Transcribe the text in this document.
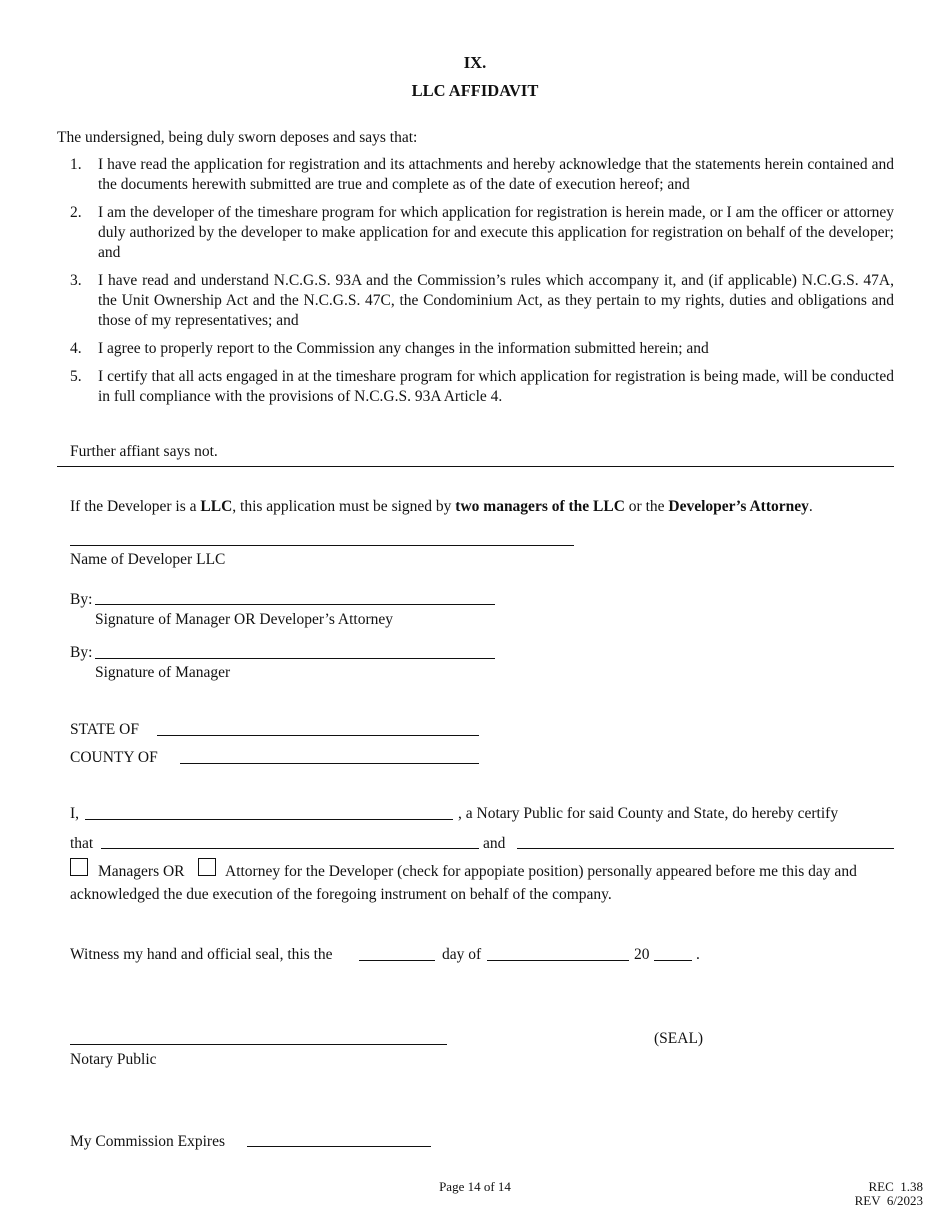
IX.
LLC AFFIDAVIT
The undersigned, being duly sworn deposes and says that:
1. I have read the application for registration and its attachments and hereby acknowledge that the statements herein contained and the documents herewith submitted are true and complete as of the date of execution hereof; and
2. I am the developer of the timeshare program for which application for registration is herein made, or I am the officer or attorney duly authorized by the developer to make application for and execute this application for registration on behalf of the developer; and
3. I have read and understand N.C.G.S. 93A and the Commission’s rules which accompany it, and (if applicable) N.C.G.S. 47A, the Unit Ownership Act and the N.C.G.S. 47C, the Condominium Act, as they pertain to my rights, duties and obligations and those of my representatives; and
4. I agree to properly report to the Commission any changes in the information submitted herein; and
5. I certify that all acts engaged in at the timeshare program for which application for registration is being made, will be conducted in full compliance with the provisions of N.C.G.S. 93A Article 4.
Further affiant says not.
If the Developer is a LLC, this application must be signed by two managers of the LLC or the Developer’s Attorney.
Name of Developer LLC
By:
Signature of Manager OR Developer’s Attorney
By:
Signature of Manager
STATE OF
COUNTY OF
I,	, a Notary Public for said County and State, do hereby certify
that	and
Managers OR	Attorney for the Developer (check for appopiate position) personally appeared before me this day and
acknowledged the due execution of the foregoing instrument on behalf of the company.
Witness my hand and official seal, this the	day of	20	.
(SEAL)
Notary Public
My Commission Expires
Page 14 of 14	REC  1.38
REV  6/2023
